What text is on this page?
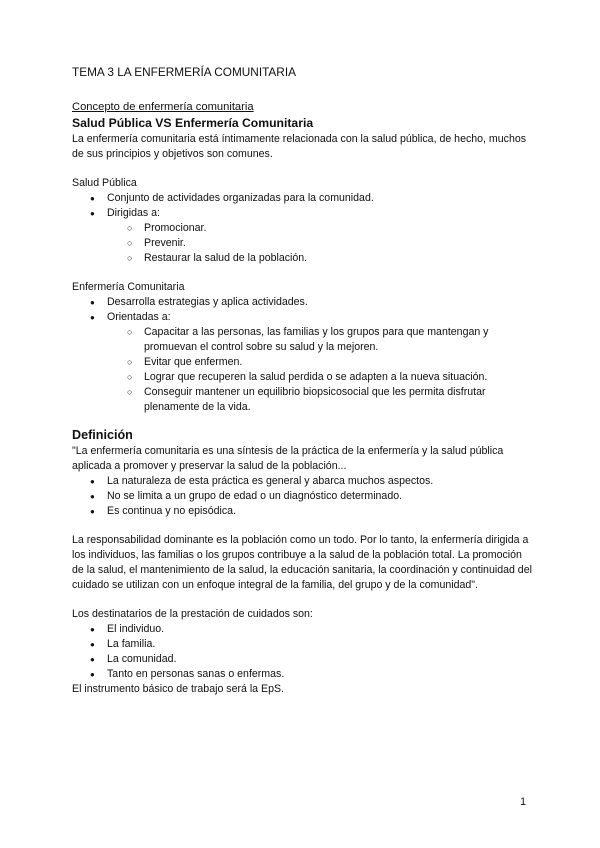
TEMA 3 LA ENFERMERÍA COMUNITARIA

Concepto de enfermería comunitaria

Salud Pública VS Enfermería Comunitaria

La enfermería comunitaria está íntimamente relacionada con la salud pública, de hecho, muchos de sus principios y objetivos son comunes.

Salud Pública

● Conjunto de actividades organizadas para la comunidad.
● Dirigidas a:
○ Promocionar.
○ Prevenir.
○ Restaurar la salud de la población.

Enfermería Comunitaria

● Desarrolla estrategias y aplica actividades.
● Orientadas a:
○ Capacitar a las personas, las familias y los grupos para que mantengan y promuevan el control sobre su salud y la mejoren.
○ Evitar que enfermen.
○ Lograr que recuperen la salud perdida o se adapten a la nueva situación.
○ Conseguir mantener un equilibrio biopsicosocial que les permita disfrutar plenamente de la vida.

Definición

"La enfermería comunitaria es una síntesis de la práctica de la enfermería y la salud pública aplicada a promover y preservar la salud de la población...

● La naturaleza de esta práctica es general y abarca muchos aspectos.
● No se limita a un grupo de edad o un diagnóstico determinado.
● Es continua y no episódica.

La responsabilidad dominante es la población como un todo. Por lo tanto, la enfermería dirigida a los individuos, las familias o los grupos contribuye a la salud de la población total. La promoción de la salud, el mantenimiento de la salud, la educación sanitaria, la coordinación y continuidad del cuidado se utilizan con un enfoque integral de la familia, del grupo y de la comunidad".

Los destinatarios de la prestación de cuidados son:

● El individuo.
● La familia.
● La comunidad.
● Tanto en personas sanas o enfermas.

El instrumento básico de trabajo será la EpS.

1
